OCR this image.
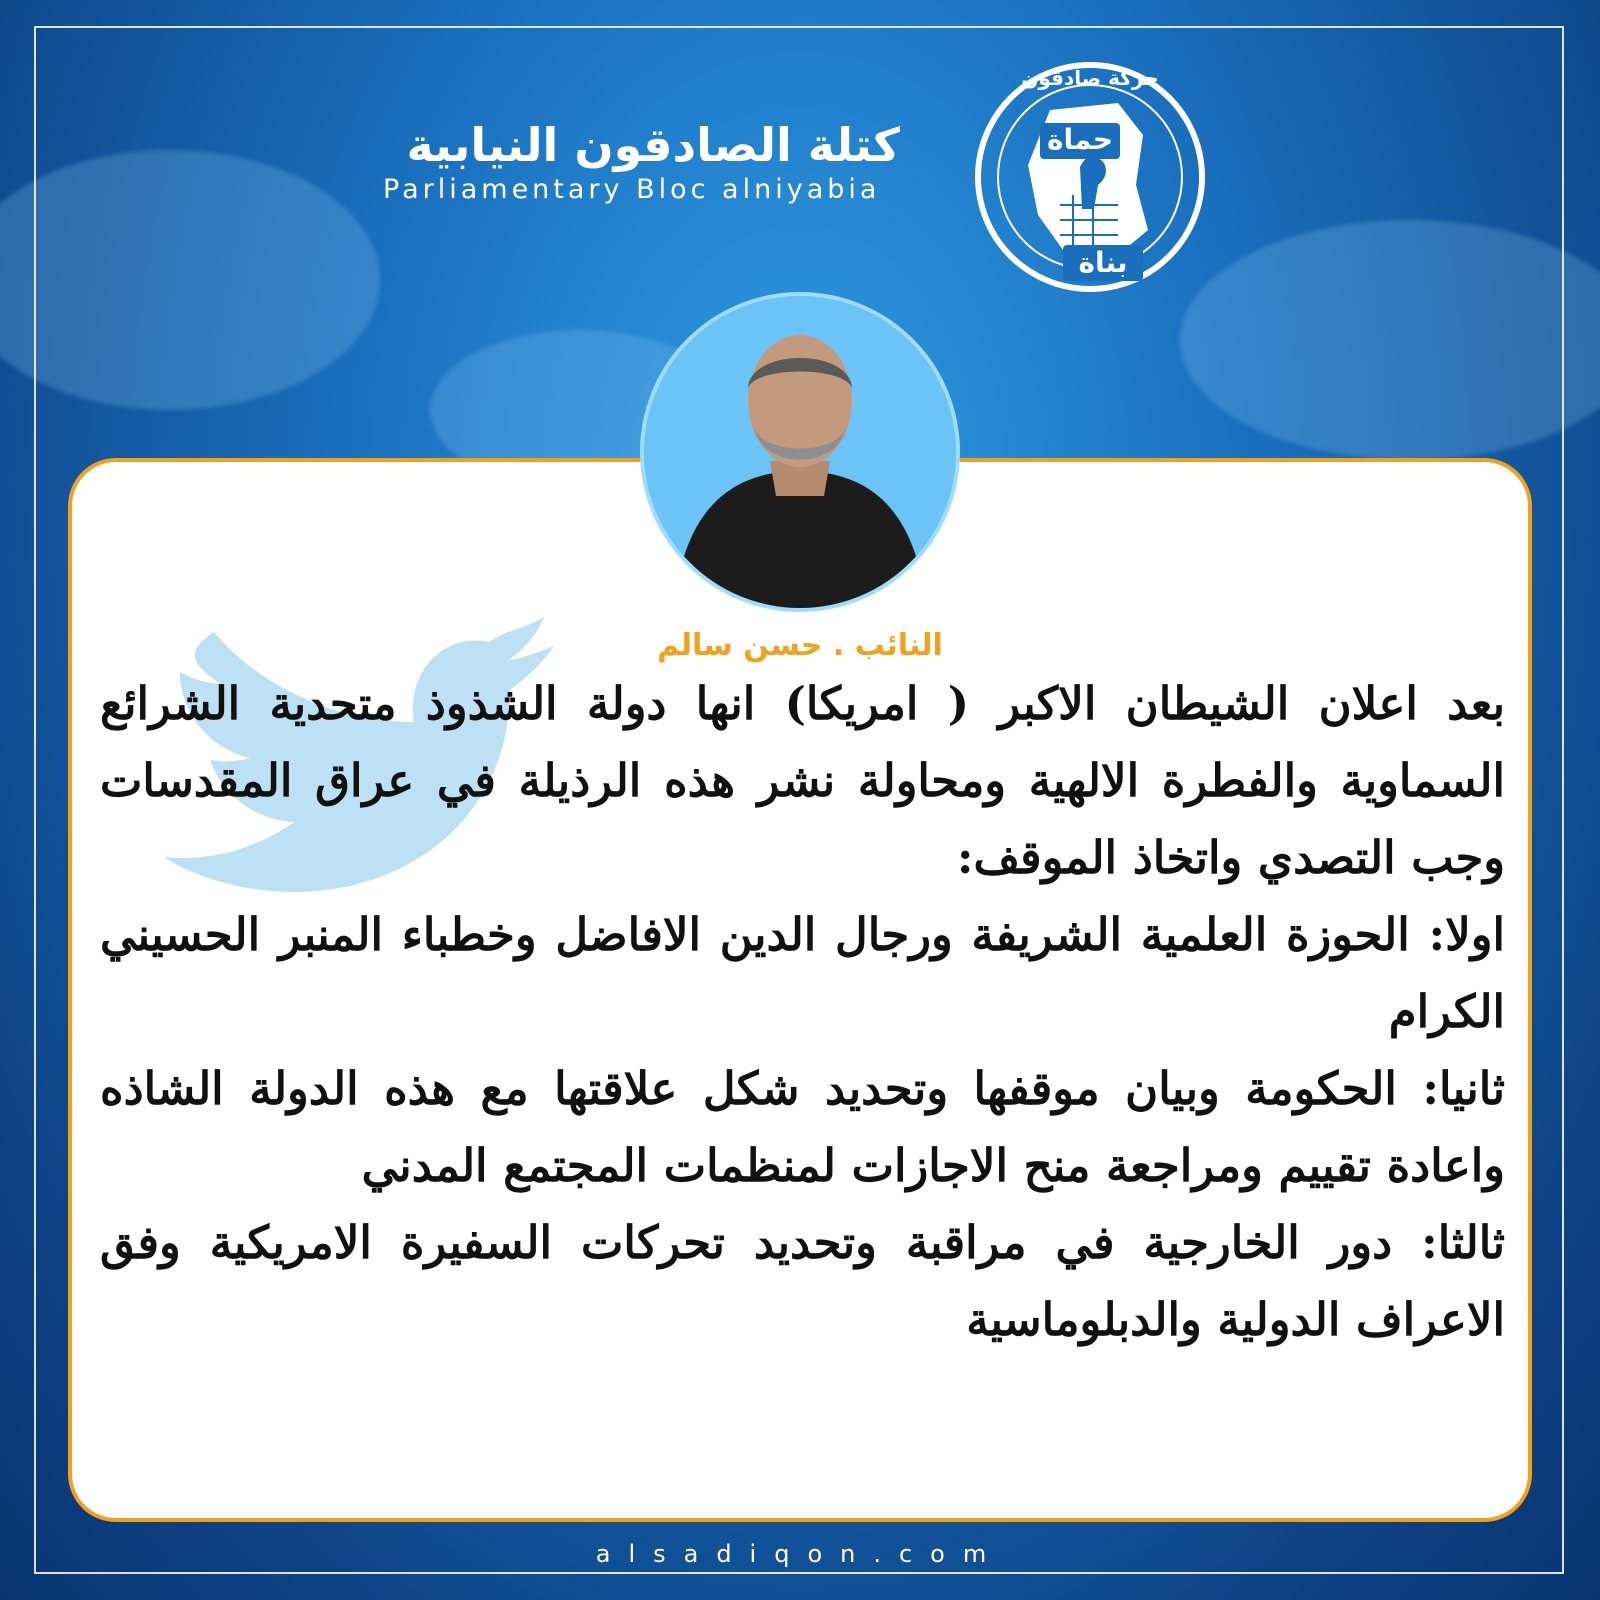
كتلة الصادقون النيابية
Parliamentary Bloc alniyabia
حماة
بناة
حركة صادقون
النائب . حسن سالم

بعد اعلان الشيطان الاكبر ( امريكا) انها دولة الشذوذ متحدية الشرائع السماوية والفطرة الالهية ومحاولة نشر هذه الرذيلة في عراق المقدسات وجب التصدي واتخاذ الموقف:

اولا: الحوزة العلمية الشريفة ورجال الدين الافاضل وخطباء المنبر الحسيني الكرام

ثانيا: الحكومة وبيان موقفها وتحديد شكل علاقتها مع هذه الدولة الشاذه واعادة تقييم ومراجعة منح الاجازات لمنظمات المجتمع المدني

ثالثا: دور الخارجية في مراقبة وتحديد تحركات السفيرة الامريكية وفق الاعراف الدولية والدبلوماسية

alsadiqon.com
